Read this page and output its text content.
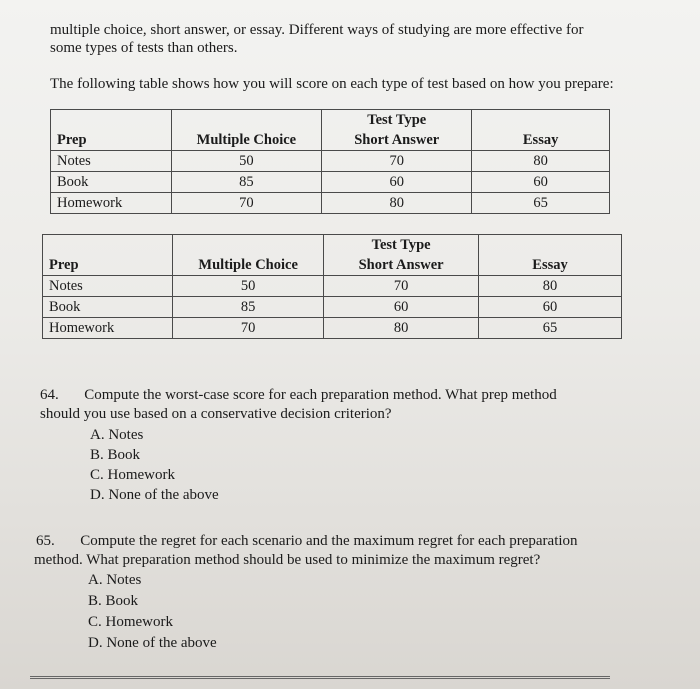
multiple choice, short answer, or essay. Different ways of studying are more effective for

some types of tests than others.

The following table shows how you will score on each type of test based on how you prepare:

		Test Type	
Prep	Multiple Choice	Short Answer	Essay
Notes	50	70	80
Book	85	60	60
Homework	70	80	65
		Test Type	
Prep	Multiple Choice	Short Answer	Essay
Notes	50	70	80
Book	85	60	60
Homework	70	80	65
64. Compute the worst-case score for each preparation method. What prep method
should you use based on a conservative decision criterion?
A. Notes
B. Book
C. Homework
D. None of the above
65. Compute the regret for each scenario and the maximum regret for each preparation
method. What preparation method should be used to minimize the maximum regret?
A. Notes
B. Book
C. Homework
D. None of the above
